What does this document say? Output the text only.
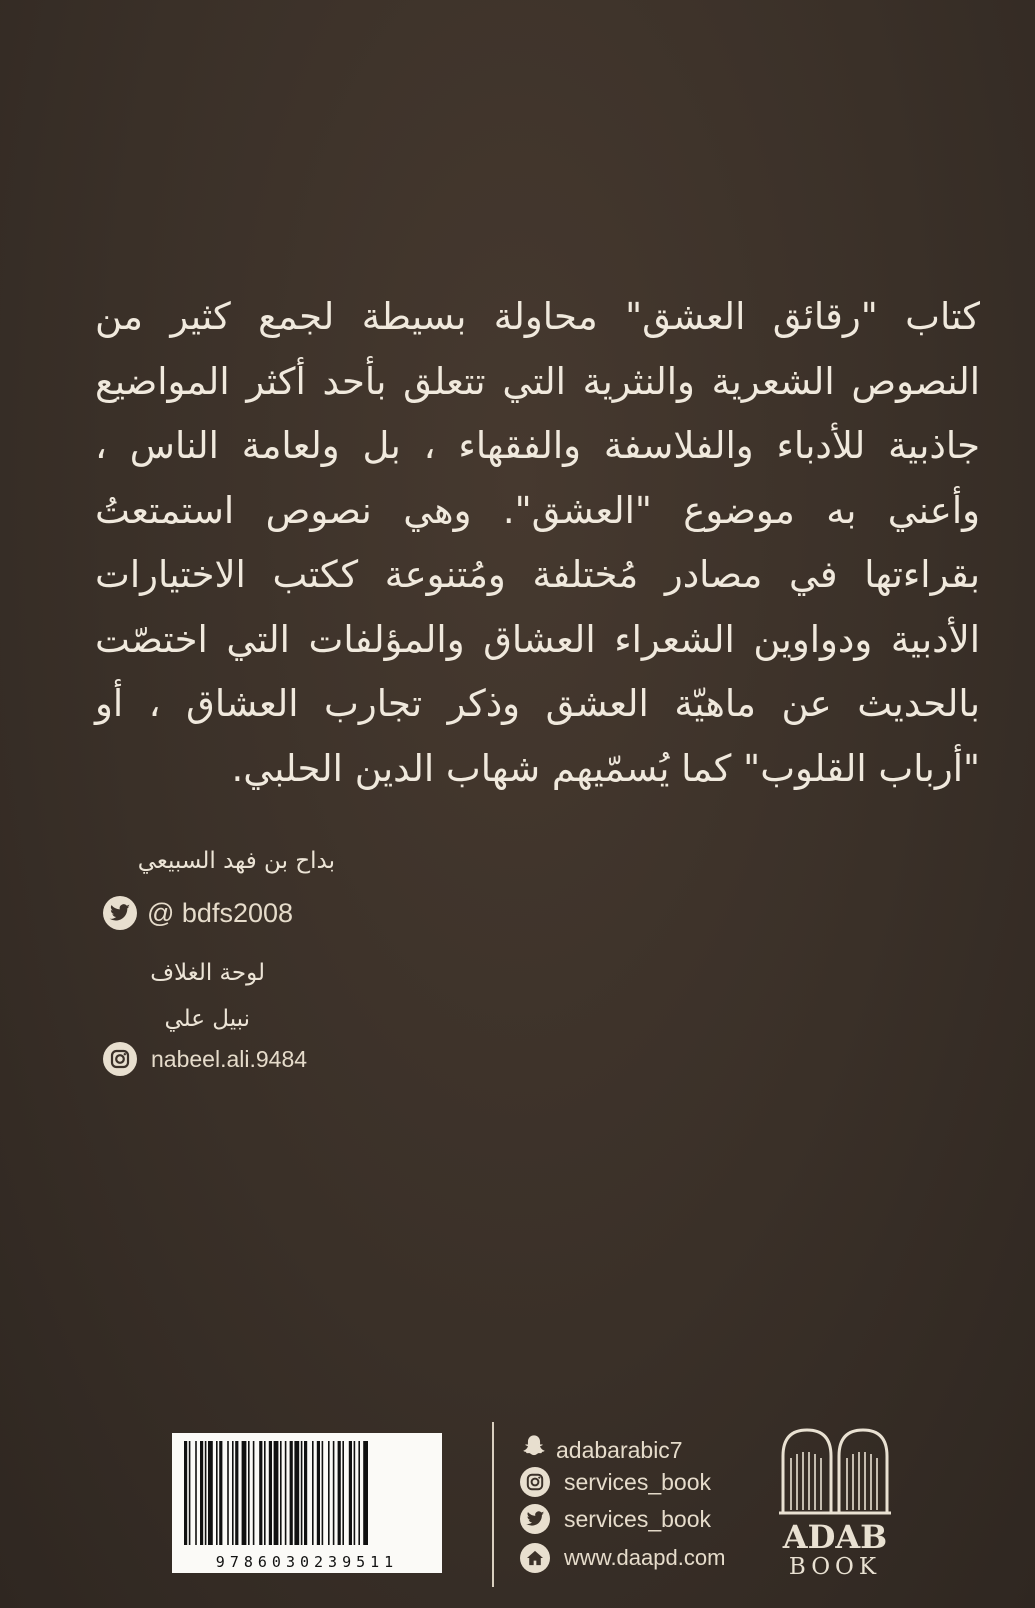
كتاب "رقائق العشق" محاولة بسيطة لجمع كثير من النصوص الشعرية والنثرية التي تتعلق بأحد أكثر المواضيع جاذبية للأدباء والفلاسفة والفقهاء ، بل ولعامة الناس ، وأعني به موضوع "العشق". وهي نصوص استمتعتُ بقراءتها في مصادر مُختلفة ومُتنوعة ككتب الاختيارات الأدبية ودواوين الشعراء العشاق والمؤلفات التي اختصّت بالحديث عن ماهيّة العشق وذكر تجارب العشاق ، أو "أرباب القلوب" كما يُسمّيهم شهاب الدين الحلبي.

بداح بن فهد السبيعي
@ bdfs2008
لوحة الغلاف
نبيل علي
nabeel.ali.9484
9786030239511
adabarabic7
services_book
services_book
www.daapd.com
ADAB
BOOK
